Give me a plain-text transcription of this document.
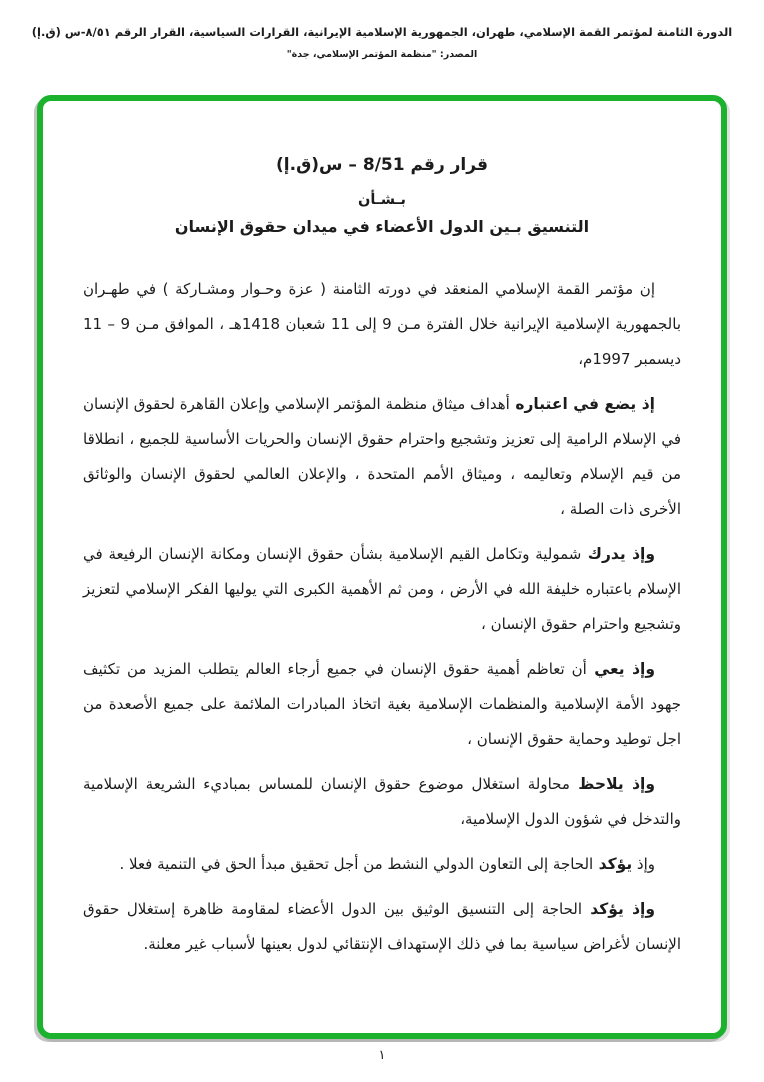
الدورة الثامنة لمؤتمر القمة الإسلامي، طهران، الجمهورية الإسلامية الإيرانية، القرارات السياسية، القرار الرقم ٨/٥١-س (ق.إ)
المصدر: "منظمة المؤتمر الإسلامي، جدة"
قرار رقم 8/51 – س(ق.إ)
بـشـأن
التنسيق بـين الدول الأعضاء في ميدان حقوق الإنسان

إن مؤتمر القمة الإسلامي المنعقد في دورته الثامنة ( عزة وحـوار ومشـاركة ) في طهـران بالجمهورية الإسلامية الإيرانية خلال الفترة مـن 9 إلى 11 شعبان 1418هـ ، الموافق مـن 9 – 11 ديسمبر 1997م،

إذ يضع في اعتباره أهداف ميثاق منظمة المؤتمر الإسلامي وإعلان القاهرة لحقوق الإنسان في الإسلام الرامية إلى تعزيز وتشجيع واحترام حقوق الإنسان والحريات الأساسية للجميع ، انطلاقا من قيم الإسلام وتعاليمه ، وميثاق الأمم المتحدة ، والإعلان العالمي لحقوق الإنسان والوثائق الأخرى ذات الصلة ،

وإذ يدرك شمولية وتكامل القيم الإسلامية بشأن حقوق الإنسان ومكانة الإنسان الرفيعة في الإسلام باعتباره خليفة الله في الأرض ، ومن ثم الأهمية الكبرى التي يوليها الفكر الإسلامي لتعزيز وتشجيع واحترام حقوق الإنسان ،

وإذ يعي أن تعاظم أهمية حقوق الإنسان في جميع أرجاء العالم يتطلب المزيد من تكثيف جهود الأمة الإسلامية والمنظمات الإسلامية بغية اتخاذ المبادرات الملائمة على جميع الأصعدة من اجل توطيد وحماية حقوق الإنسان ،

وإذ يلاحظ محاولة استغلال موضوع حقوق الإنسان للمساس بمباديء الشريعة الإسلامية والتدخل في شؤون الدول الإسلامية،

وإذ يؤكد الحاجة إلى التعاون الدولي النشط من أجل تحقيق مبدأ الحق في التنمية فعلا .

وإذ يؤكد الحاجة إلى التنسيق الوثيق بين الدول الأعضاء لمقاومة ظاهرة إستغلال حقوق الإنسان لأغراض سياسية بما في ذلك الإستهداف الإنتقائي لدول بعينها لأسباب غير معلنة.

١
